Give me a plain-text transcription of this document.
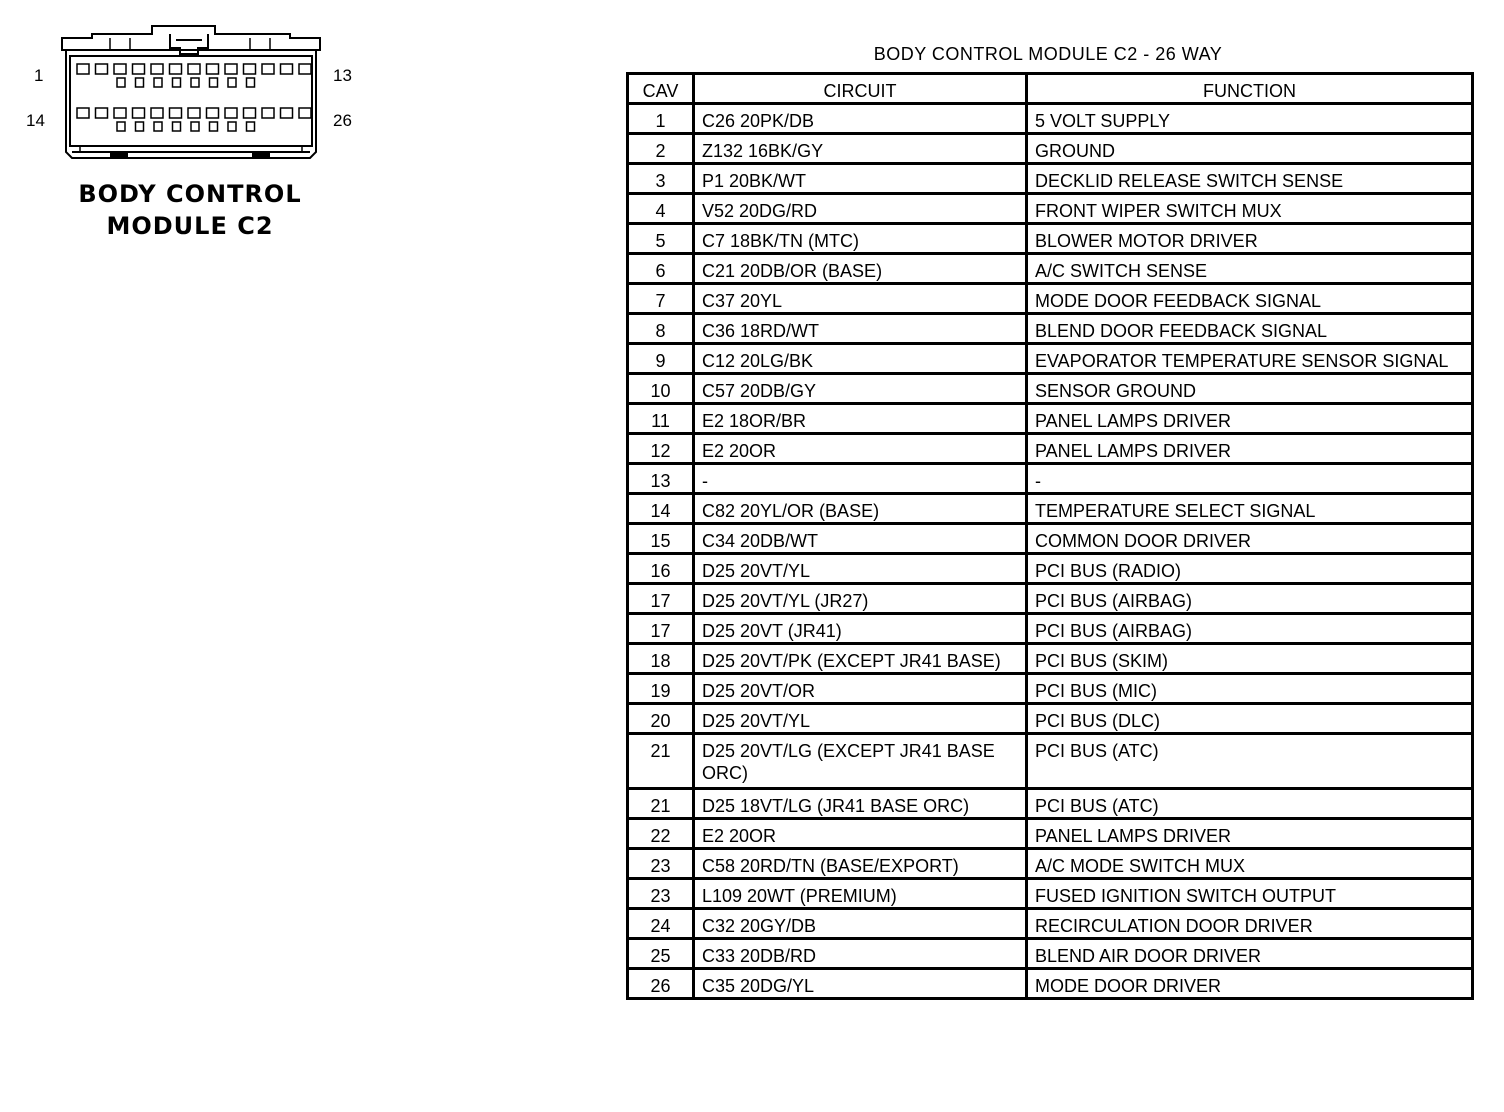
1	13
14	26
BODY CONTROL
MODULE C2
BODY CONTROL MODULE C2 - 26 WAY
CAV	CIRCUIT	FUNCTION
1	C26 20PK/DB	5 VOLT SUPPLY
2	Z132 16BK/GY	GROUND
3	P1 20BK/WT	DECKLID RELEASE SWITCH SENSE
4	V52 20DG/RD	FRONT WIPER SWITCH MUX
5	C7 18BK/TN (MTC)	BLOWER MOTOR DRIVER
6	C21 20DB/OR (BASE)	A/C SWITCH SENSE
7	C37 20YL	MODE DOOR FEEDBACK SIGNAL
8	C36 18RD/WT	BLEND DOOR FEEDBACK SIGNAL
9	C12 20LG/BK	EVAPORATOR TEMPERATURE SENSOR SIGNAL
10	C57 20DB/GY	SENSOR GROUND
11	E2 18OR/BR	PANEL LAMPS DRIVER
12	E2 20OR	PANEL LAMPS DRIVER
13	-	-
14	C82 20YL/OR (BASE)	TEMPERATURE SELECT SIGNAL
15	C34 20DB/WT	COMMON DOOR DRIVER
16	D25 20VT/YL	PCI BUS (RADIO)
17	D25 20VT/YL (JR27)	PCI BUS (AIRBAG)
17	D25 20VT (JR41)	PCI BUS (AIRBAG)
18	D25 20VT/PK (EXCEPT JR41 BASE)	PCI BUS (SKIM)
19	D25 20VT/OR	PCI BUS (MIC)
20	D25 20VT/YL	PCI BUS (DLC)
21	D25 20VT/LG (EXCEPT JR41 BASE ORC)	PCI BUS (ATC)
21	D25 18VT/LG (JR41 BASE ORC)	PCI BUS (ATC)
22	E2 20OR	PANEL LAMPS DRIVER
23	C58 20RD/TN (BASE/EXPORT)	A/C MODE SWITCH MUX
23	L109 20WT (PREMIUM)	FUSED IGNITION SWITCH OUTPUT
24	C32 20GY/DB	RECIRCULATION DOOR DRIVER
25	C33 20DB/RD	BLEND AIR DOOR DRIVER
26	C35 20DG/YL	MODE DOOR DRIVER
